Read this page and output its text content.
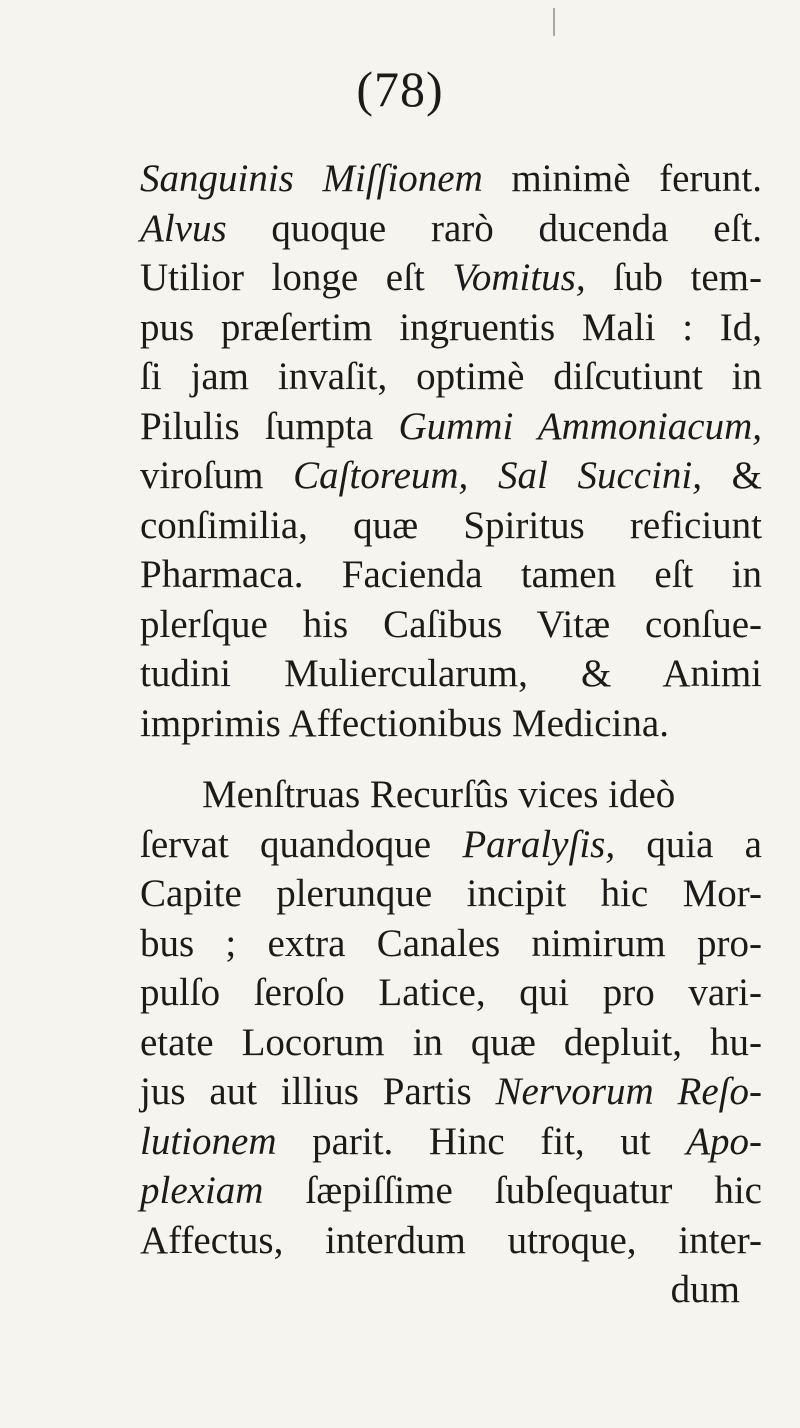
(78)
Sanguinis Miſſionem minimè ferunt.
Alvus quoque rarò ducenda eſt.
Utilior longe eſt Vomitus, ſub tem-
pus præſertim ingruentis Mali : Id,
ſi jam invaſit, optimè diſcutiunt in
Pilulis ſumpta Gummi Ammoniacum,
viroſum Caſtoreum, Sal Succini, &
conſimilia, quæ Spiritus reficiunt
Pharmaca. Facienda tamen eſt in
plerſque his Caſibus Vitæ conſue-
tudini Muliercularum, & Animi
imprimis Affectionibus Medicina.
Menſtruas Recurſûs vices ideò
ſervat quandoque Paralyſis, quia a
Capite plerunque incipit hic Mor-
bus ; extra Canales nimirum pro-
pulſo ſeroſo Latice, qui pro vari-
etate Locorum in quæ depluit, hu-
jus aut illius Partis Nervorum Reſo-
lutionem parit. Hinc fit, ut Apo-
plexiam ſæpiſſime ſubſequatur hic
Affectus, interdum utroque, inter-
dum
